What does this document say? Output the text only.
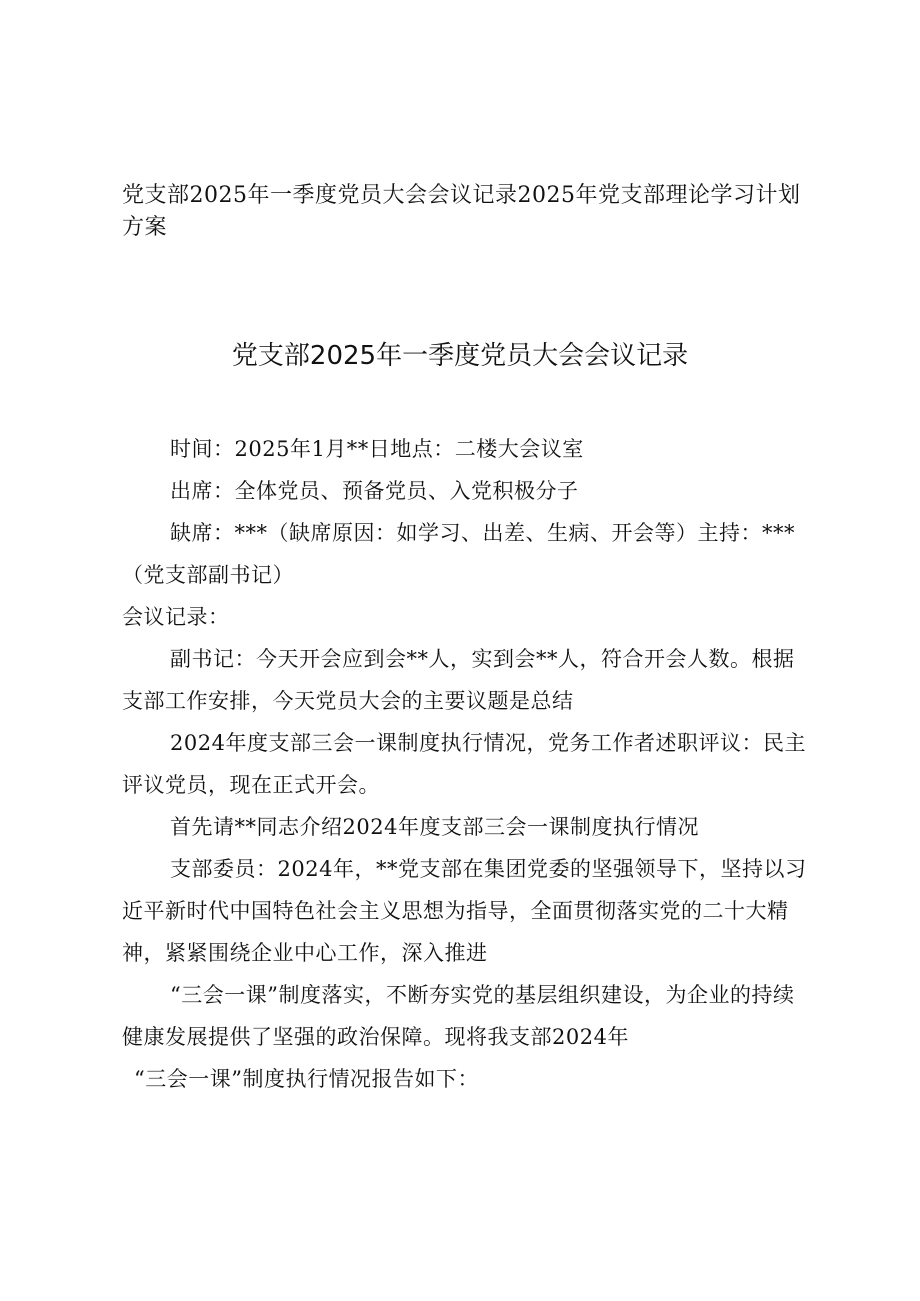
党支部2025年一季度党员大会会议记录2025年党支部理论学习计划方案
党支部2025年一季度党员大会会议记录

时间：2025年1月**日地点：二楼大会议室

出席：全体党员、预备党员、入党积极分子

缺席：***（缺席原因：如学习、出差、生病、开会等）主持：***（党支部副书记）

会议记录：

副书记：今天开会应到会**人，实到会**人，符合开会人数。根据支部工作安排，今天党员大会的主要议题是总结

2024年度支部三会一课制度执行情况，党务工作者述职评议：民主评议党员，现在正式开会。

首先请**同志介绍2024年度支部三会一课制度执行情况

支部委员：2024年，**党支部在集团党委的坚强领导下，坚持以习近平新时代中国特色社会主义思想为指导，全面贯彻落实党的二十大精神，紧紧围绕企业中心工作，深入推进

“三会一课”制度落实，不断夯实党的基层组织建设，为企业的持续健康发展提供了坚强的政治保障。现将我支部2024年

“三会一课”制度执行情况报告如下：
